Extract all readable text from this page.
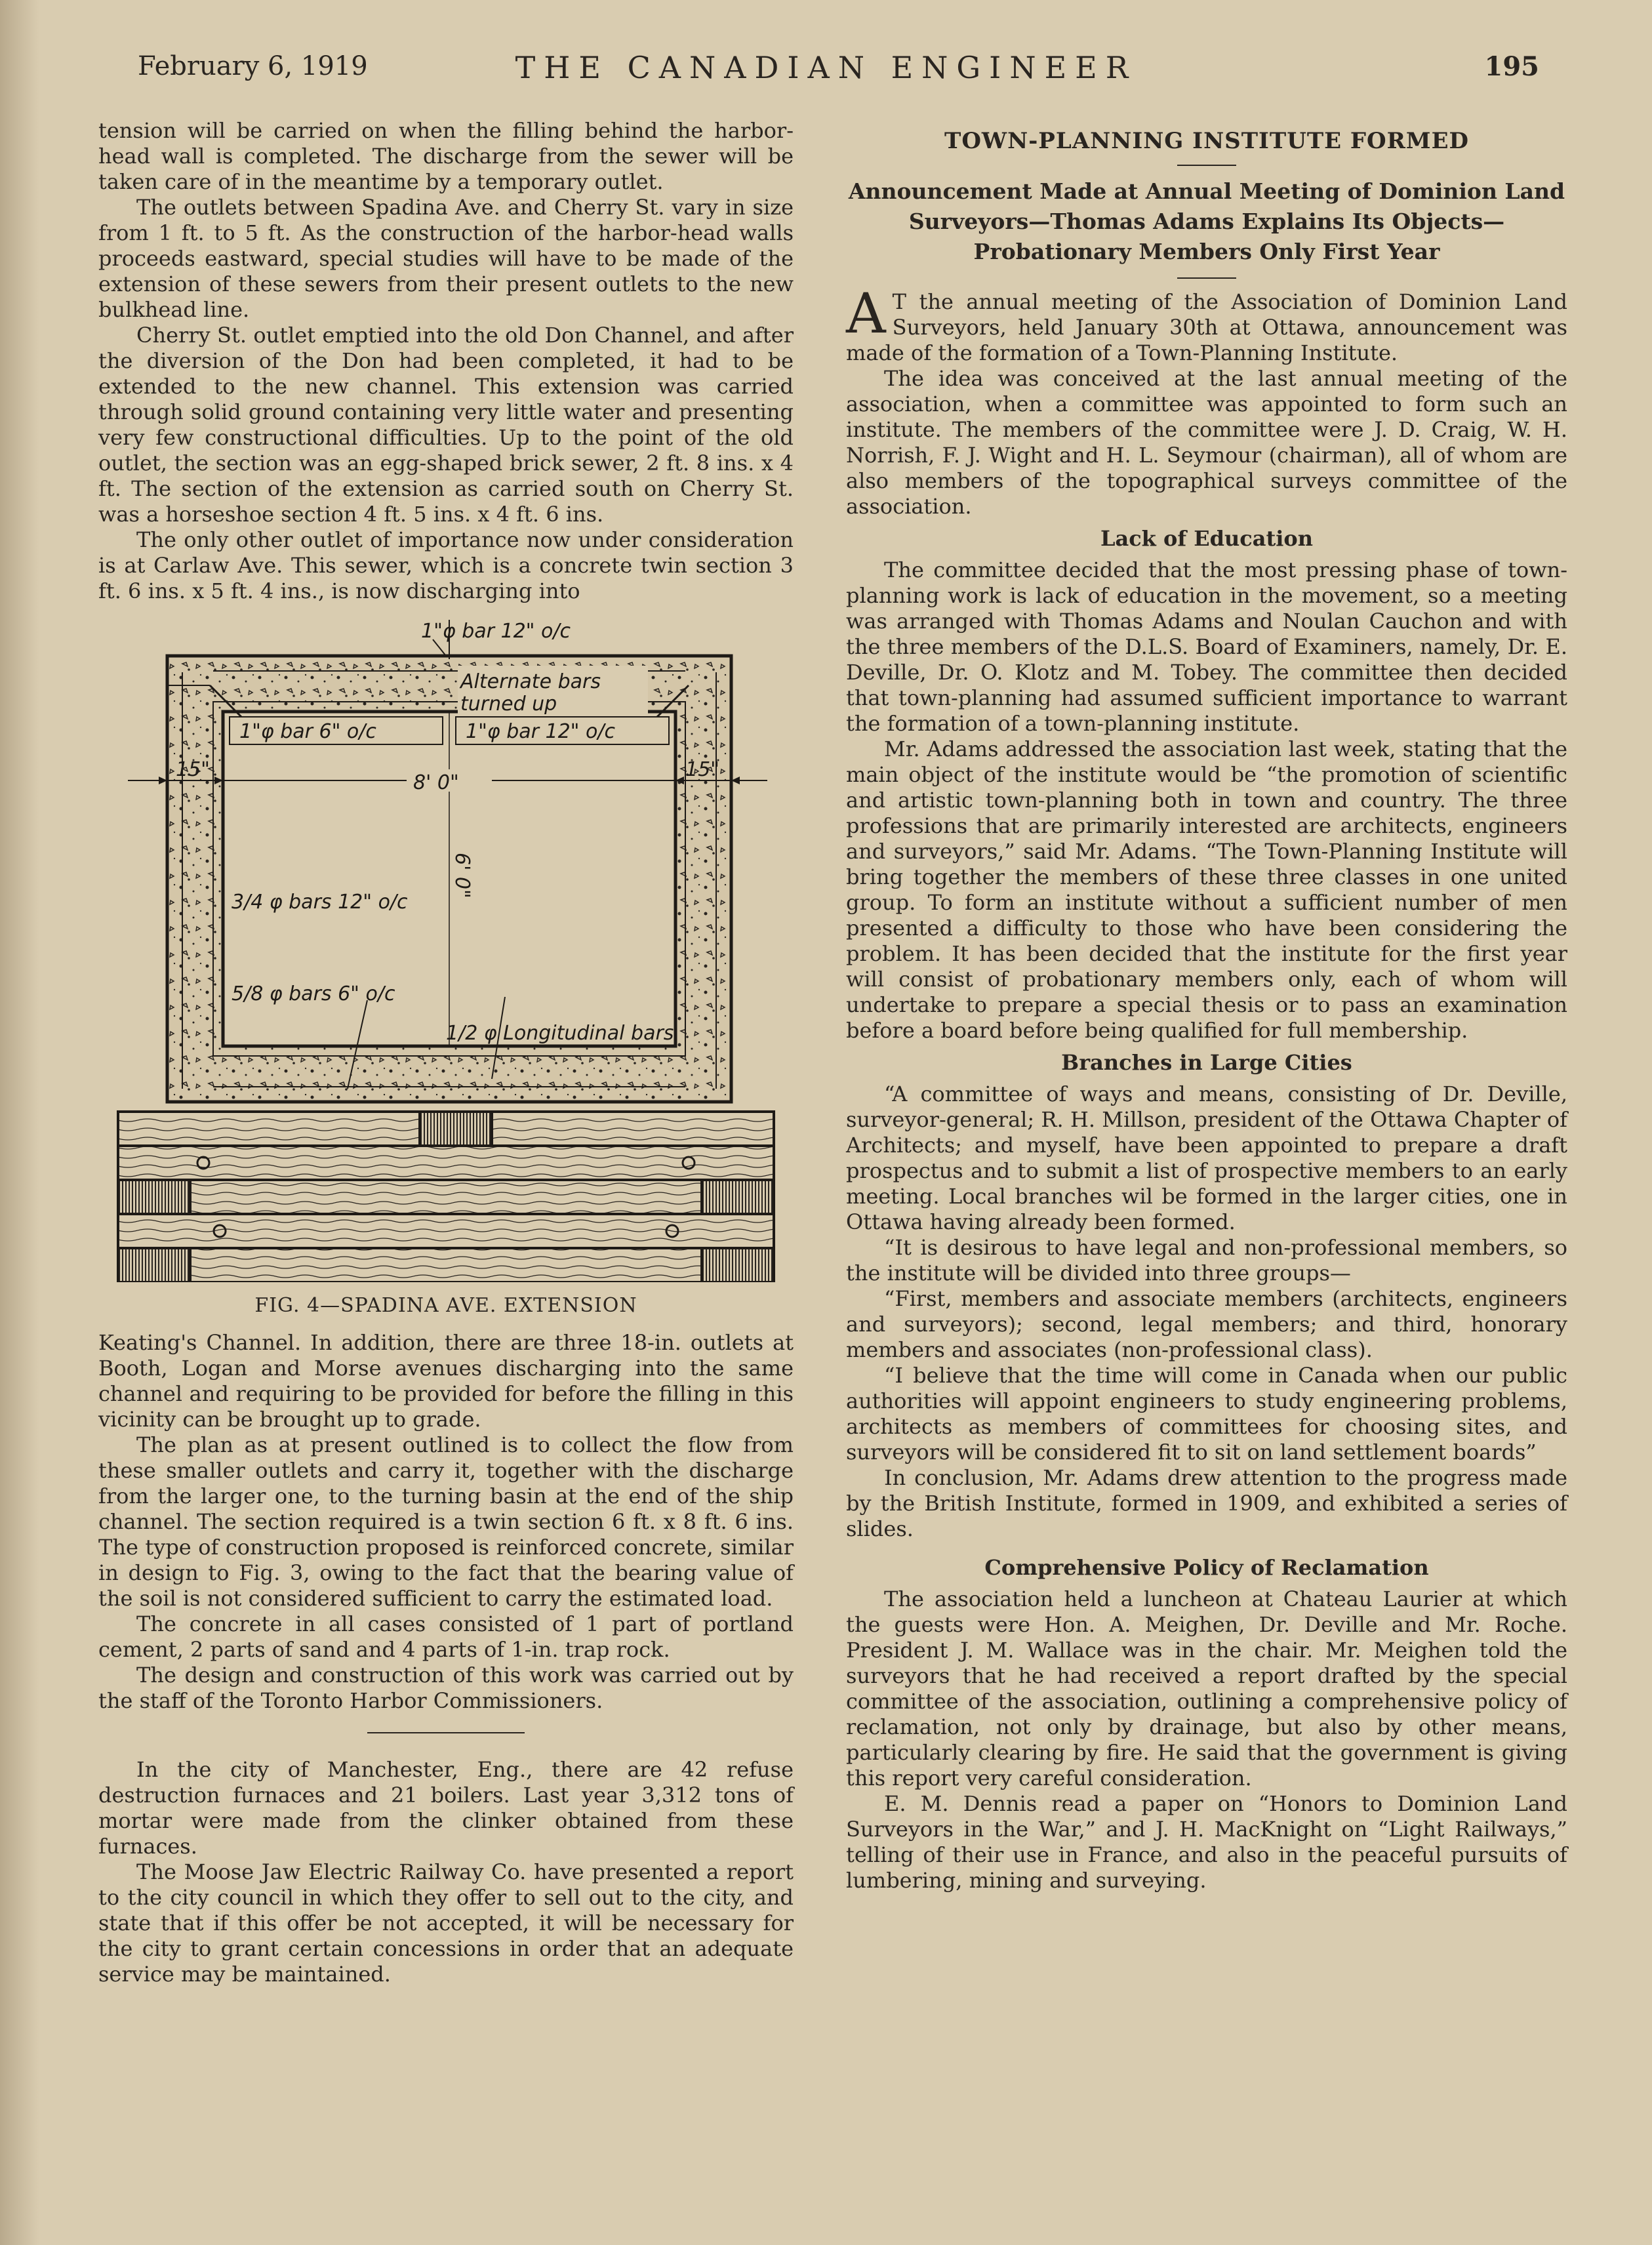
February 6, 1919	THE CANADIAN ENGINEER	195

tension will be carried on when the filling behind the harbor-head wall is completed. The discharge from the sewer will be taken care of in the meantime by a temporary outlet.

The outlets between Spadina Ave. and Cherry St. vary in size from 1 ft. to 5 ft. As the construction of the harbor-head walls proceeds eastward, special studies will have to be made of the extension of these sewers from their present outlets to the new bulkhead line.

Cherry St. outlet emptied into the old Don Channel, and after the diversion of the Don had been completed, it had to be extended to the new channel. This extension was carried through solid ground containing very little water and presenting very few constructional difficulties. Up to the point of the old outlet, the section was an egg-shaped brick sewer, 2 ft. 8 ins. x 4 ft. The section of the extension as carried south on Cherry St. was a horseshoe section 4 ft. 5 ins. x 4 ft. 6 ins.

The only other outlet of importance now under consideration is at Carlaw Ave. This sewer, which is a concrete twin section 3 ft. 6 ins. x 5 ft. 4 ins., is now discharging into

1"φ bar 12" o/c
Alternate bars
turned up
1"φ bar 6" o/c	1"φ bar 12" o/c
15"	15"
8' 0"
6' 0"
3/4 φ bars 12" o/c
5/8 φ bars 6" o/c
1/2 φ Longitudinal bars
FIG. 4—SPADINA AVE. EXTENSION

Keating's Channel. In addition, there are three 18-in. outlets at Booth, Logan and Morse avenues discharging into the same channel and requiring to be provided for before the filling in this vicinity can be brought up to grade.

The plan as at present outlined is to collect the flow from these smaller outlets and carry it, together with the discharge from the larger one, to the turning basin at the end of the ship channel. The section required is a twin section 6 ft. x 8 ft. 6 ins. The type of construction proposed is reinforced concrete, similar in design to Fig. 3, owing to the fact that the bearing value of the soil is not considered sufficient to carry the estimated load.

The concrete in all cases consisted of 1 part of portland cement, 2 parts of sand and 4 parts of 1-in. trap rock.

The design and construction of this work was carried out by the staff of the Toronto Harbor Commissioners.

In the city of Manchester, Eng., there are 42 refuse destruction furnaces and 21 boilers. Last year 3,312 tons of mortar were made from the clinker obtained from these furnaces.

The Moose Jaw Electric Railway Co. have presented a report to the city council in which they offer to sell out to the city, and state that if this offer be not accepted, it will be necessary for the city to grant certain concessions in order that an adequate service may be maintained.

TOWN-PLANNING INSTITUTE FORMED
Announcement Made at Annual Meeting of Dominion Land Surveyors—Thomas Adams Explains Its Objects—Probationary Members Only First Year

A T the annual meeting of the Association of Dominion Land Surveyors, held January 30th at Ottawa, announcement was made of the formation of a Town-Planning Institute.

The idea was conceived at the last annual meeting of the association, when a committee was appointed to form such an institute. The members of the committee were J. D. Craig, W. H. Norrish, F. J. Wight and H. L. Seymour (chairman), all of whom are also members of the topographical surveys committee of the association.

Lack of Education

The committee decided that the most pressing phase of town-planning work is lack of education in the movement, so a meeting was arranged with Thomas Adams and Noulan Cauchon and with the three members of the D.L.S. Board of Examiners, namely, Dr. E. Deville, Dr. O. Klotz and M. Tobey. The committee then decided that town-planning had assumed sufficient importance to warrant the formation of a town-planning institute.

Mr. Adams addressed the association last week, stating that the main object of the institute would be “the promotion of scientific and artistic town-planning both in town and country. The three professions that are primarily interested are architects, engineers and surveyors,” said Mr. Adams. “The Town-Planning Institute will bring together the members of these three classes in one united group. To form an institute without a sufficient number of men presented a difficulty to those who have been considering the problem. It has been decided that the institute for the first year will consist of probationary members only, each of whom will undertake to prepare a special thesis or to pass an examination before a board before being qualified for full membership.

Branches in Large Cities

“A committee of ways and means, consisting of Dr. Deville, surveyor-general; R. H. Millson, president of the Ottawa Chapter of Architects; and myself, have been appointed to prepare a draft prospectus and to submit a list of prospective members to an early meeting. Local branches wil be formed in the larger cities, one in Ottawa having already been formed.

“It is desirous to have legal and non-professional members, so the institute will be divided into three groups—

“First, members and associate members (architects, engineers and surveyors); second, legal members; and third, honorary members and associates (non-professional class).

“I believe that the time will come in Canada when our public authorities will appoint engineers to study engineering problems, architects as members of committees for choosing sites, and surveyors will be considered fit to sit on land settlement boards”

In conclusion, Mr. Adams drew attention to the progress made by the British Institute, formed in 1909, and exhibited a series of slides.

Comprehensive Policy of Reclamation

The association held a luncheon at Chateau Laurier at which the guests were Hon. A. Meighen, Dr. Deville and Mr. Roche. President J. M. Wallace was in the chair. Mr. Meighen told the surveyors that he had received a report drafted by the special committee of the association, outlining a comprehensive policy of reclamation, not only by drainage, but also by other means, particularly clearing by fire. He said that the government is giving this report very careful consideration.

E. M. Dennis read a paper on “Honors to Dominion Land Surveyors in the War,” and J. H. MacKnight on “Light Railways,” telling of their use in France, and also in the peaceful pursuits of lumbering, mining and surveying.
